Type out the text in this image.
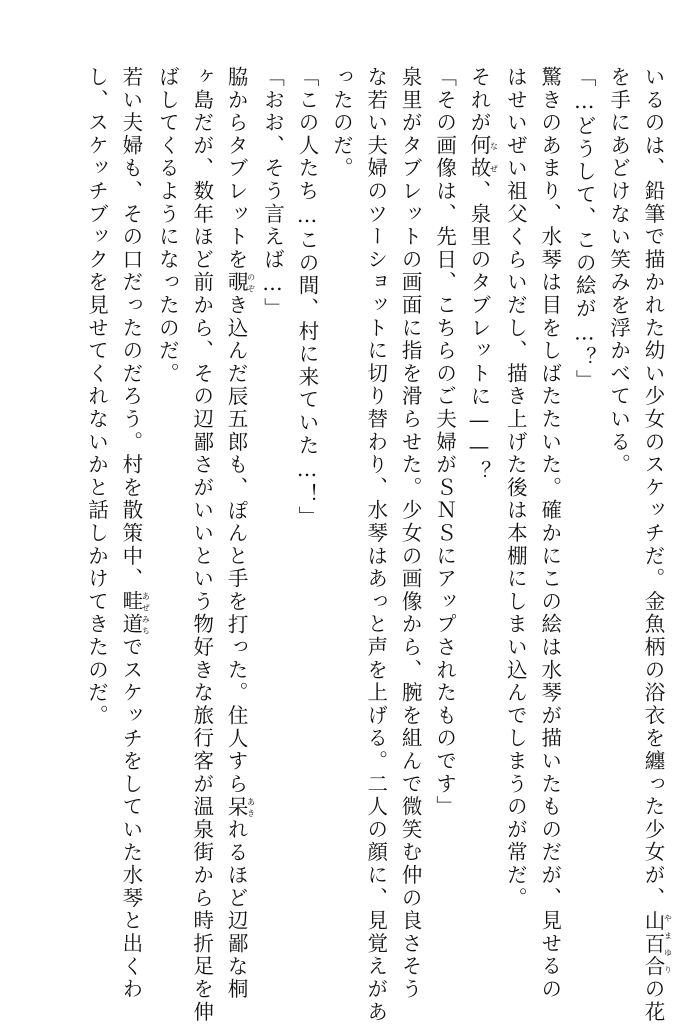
いるのは、鉛筆で描かれた幼い少女のスケッチだ。金魚柄の浴衣を纏った少女が、山百合やまゆりの花
を手にあどけない笑みを浮かべている。
「…どうして、この絵が…？」
驚きのあまり、水琴は目をしばたたいた。確かにこの絵は水琴が描いたものだが、見せるの
はせいぜい祖父くらいだし、描き上げた後は本棚にしまい込んでしまうのが常だ。
それが何故なぜ、泉里のタブレットに——？
「その画像は、先日、こちらのご夫婦がＳＮＳにアップされたものです」
泉里がタブレットの画面に指を滑らせた。少女の画像から、腕を組んで微笑む仲の良さそう
な若い夫婦のツーショットに切り替わり、水琴はあっと声を上げる。二人の顔に、見覚えがあ
ったのだ。
「この人たち…この間、村に来ていた…！」
「おお、そう言えば…」
脇からタブレットを覗のぞき込んだ辰五郎も、ぽんと手を打った。住人すら呆あきれるほど辺鄙な桐
ヶ島だが、数年ほど前から、その辺鄙さがいいという物好きな旅行客が温泉街から時折足を伸
ばしてくるようになったのだ。
若い夫婦も、その口だったのだろう。村を散策中、畦道あぜみちでスケッチをしていた水琴と出くわ
し、スケッチブックを見せてくれないかと話しかけてきたのだ。
